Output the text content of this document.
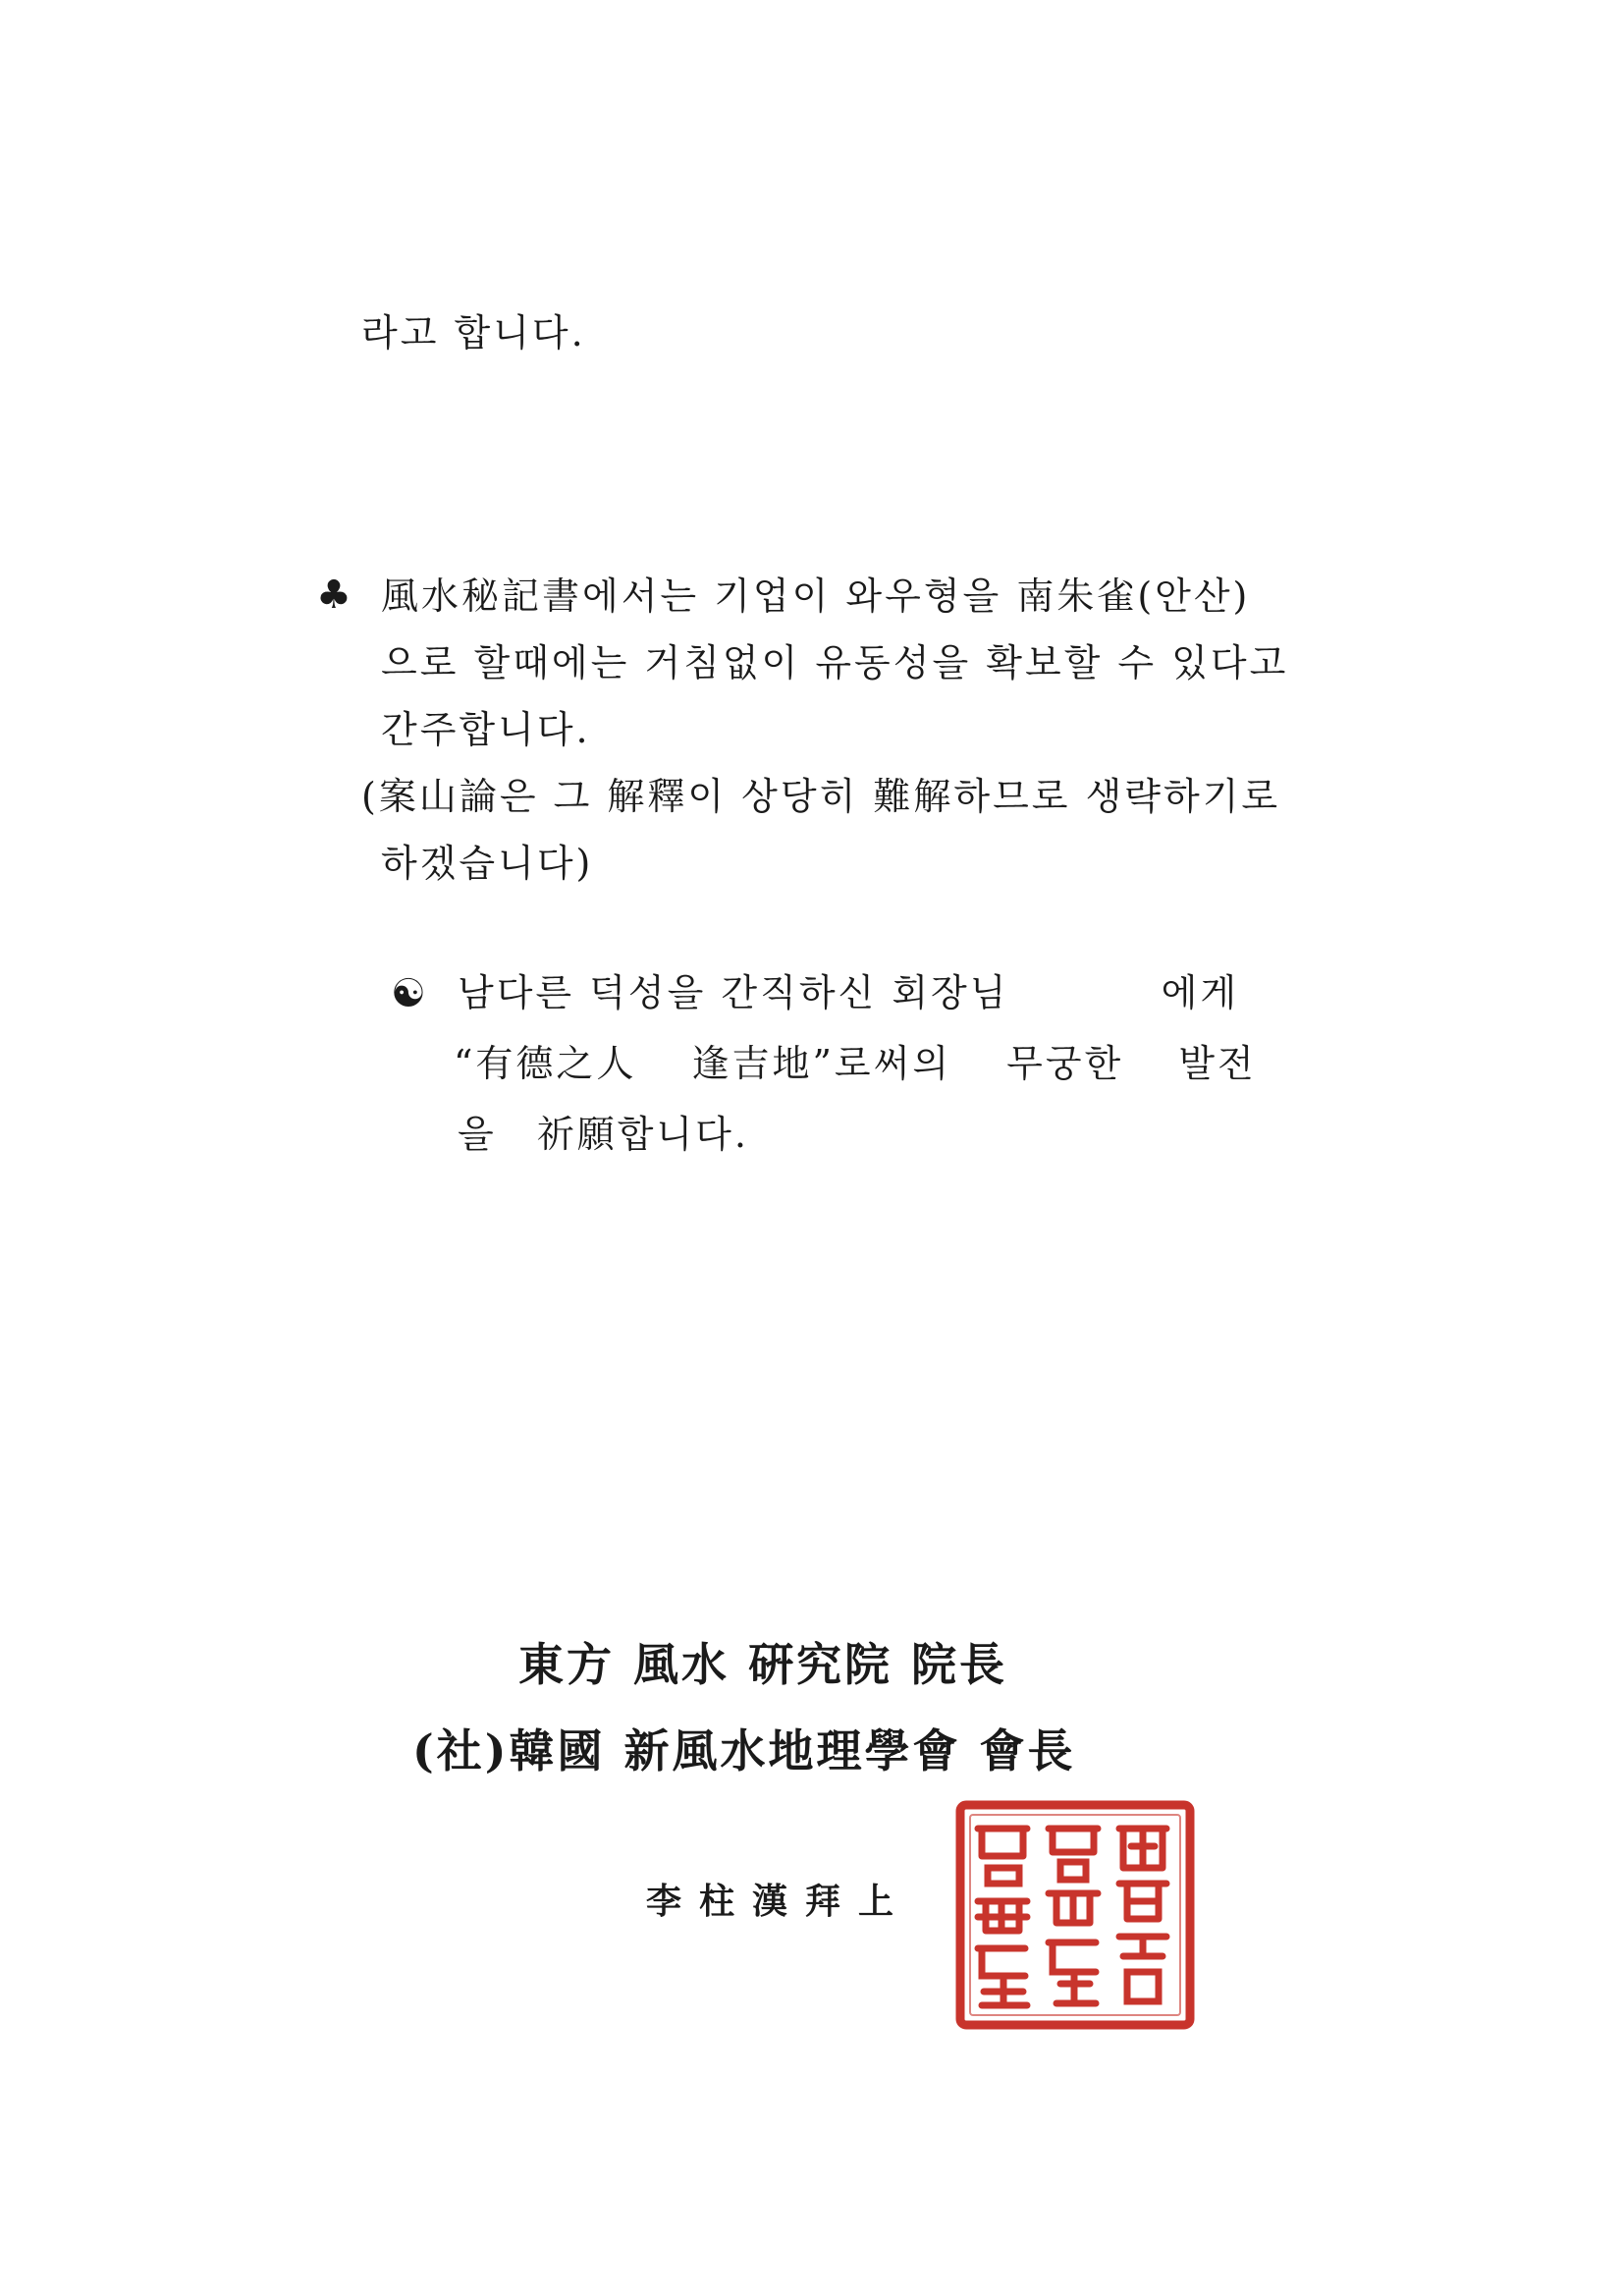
라고 합니다.
♣ 風水秘記書에서는 기업이 와우형을 南朱雀(안산)
으로 할때에는 거침없이 유동성을 확보할 수 있다고
간주합니다.
(案山論은 그 解釋이 상당히 難解하므로 생략하기로
하겠습니다)
☯ 남다른 덕성을 간직하신 회장님	에게
“有德之人　 逢吉地”로써의　 무궁한　 발전
을　祈願합니다.
東方 風水 硏究院 院長
(社)韓國 新風水地理學會 會長
李柱漢拜上
